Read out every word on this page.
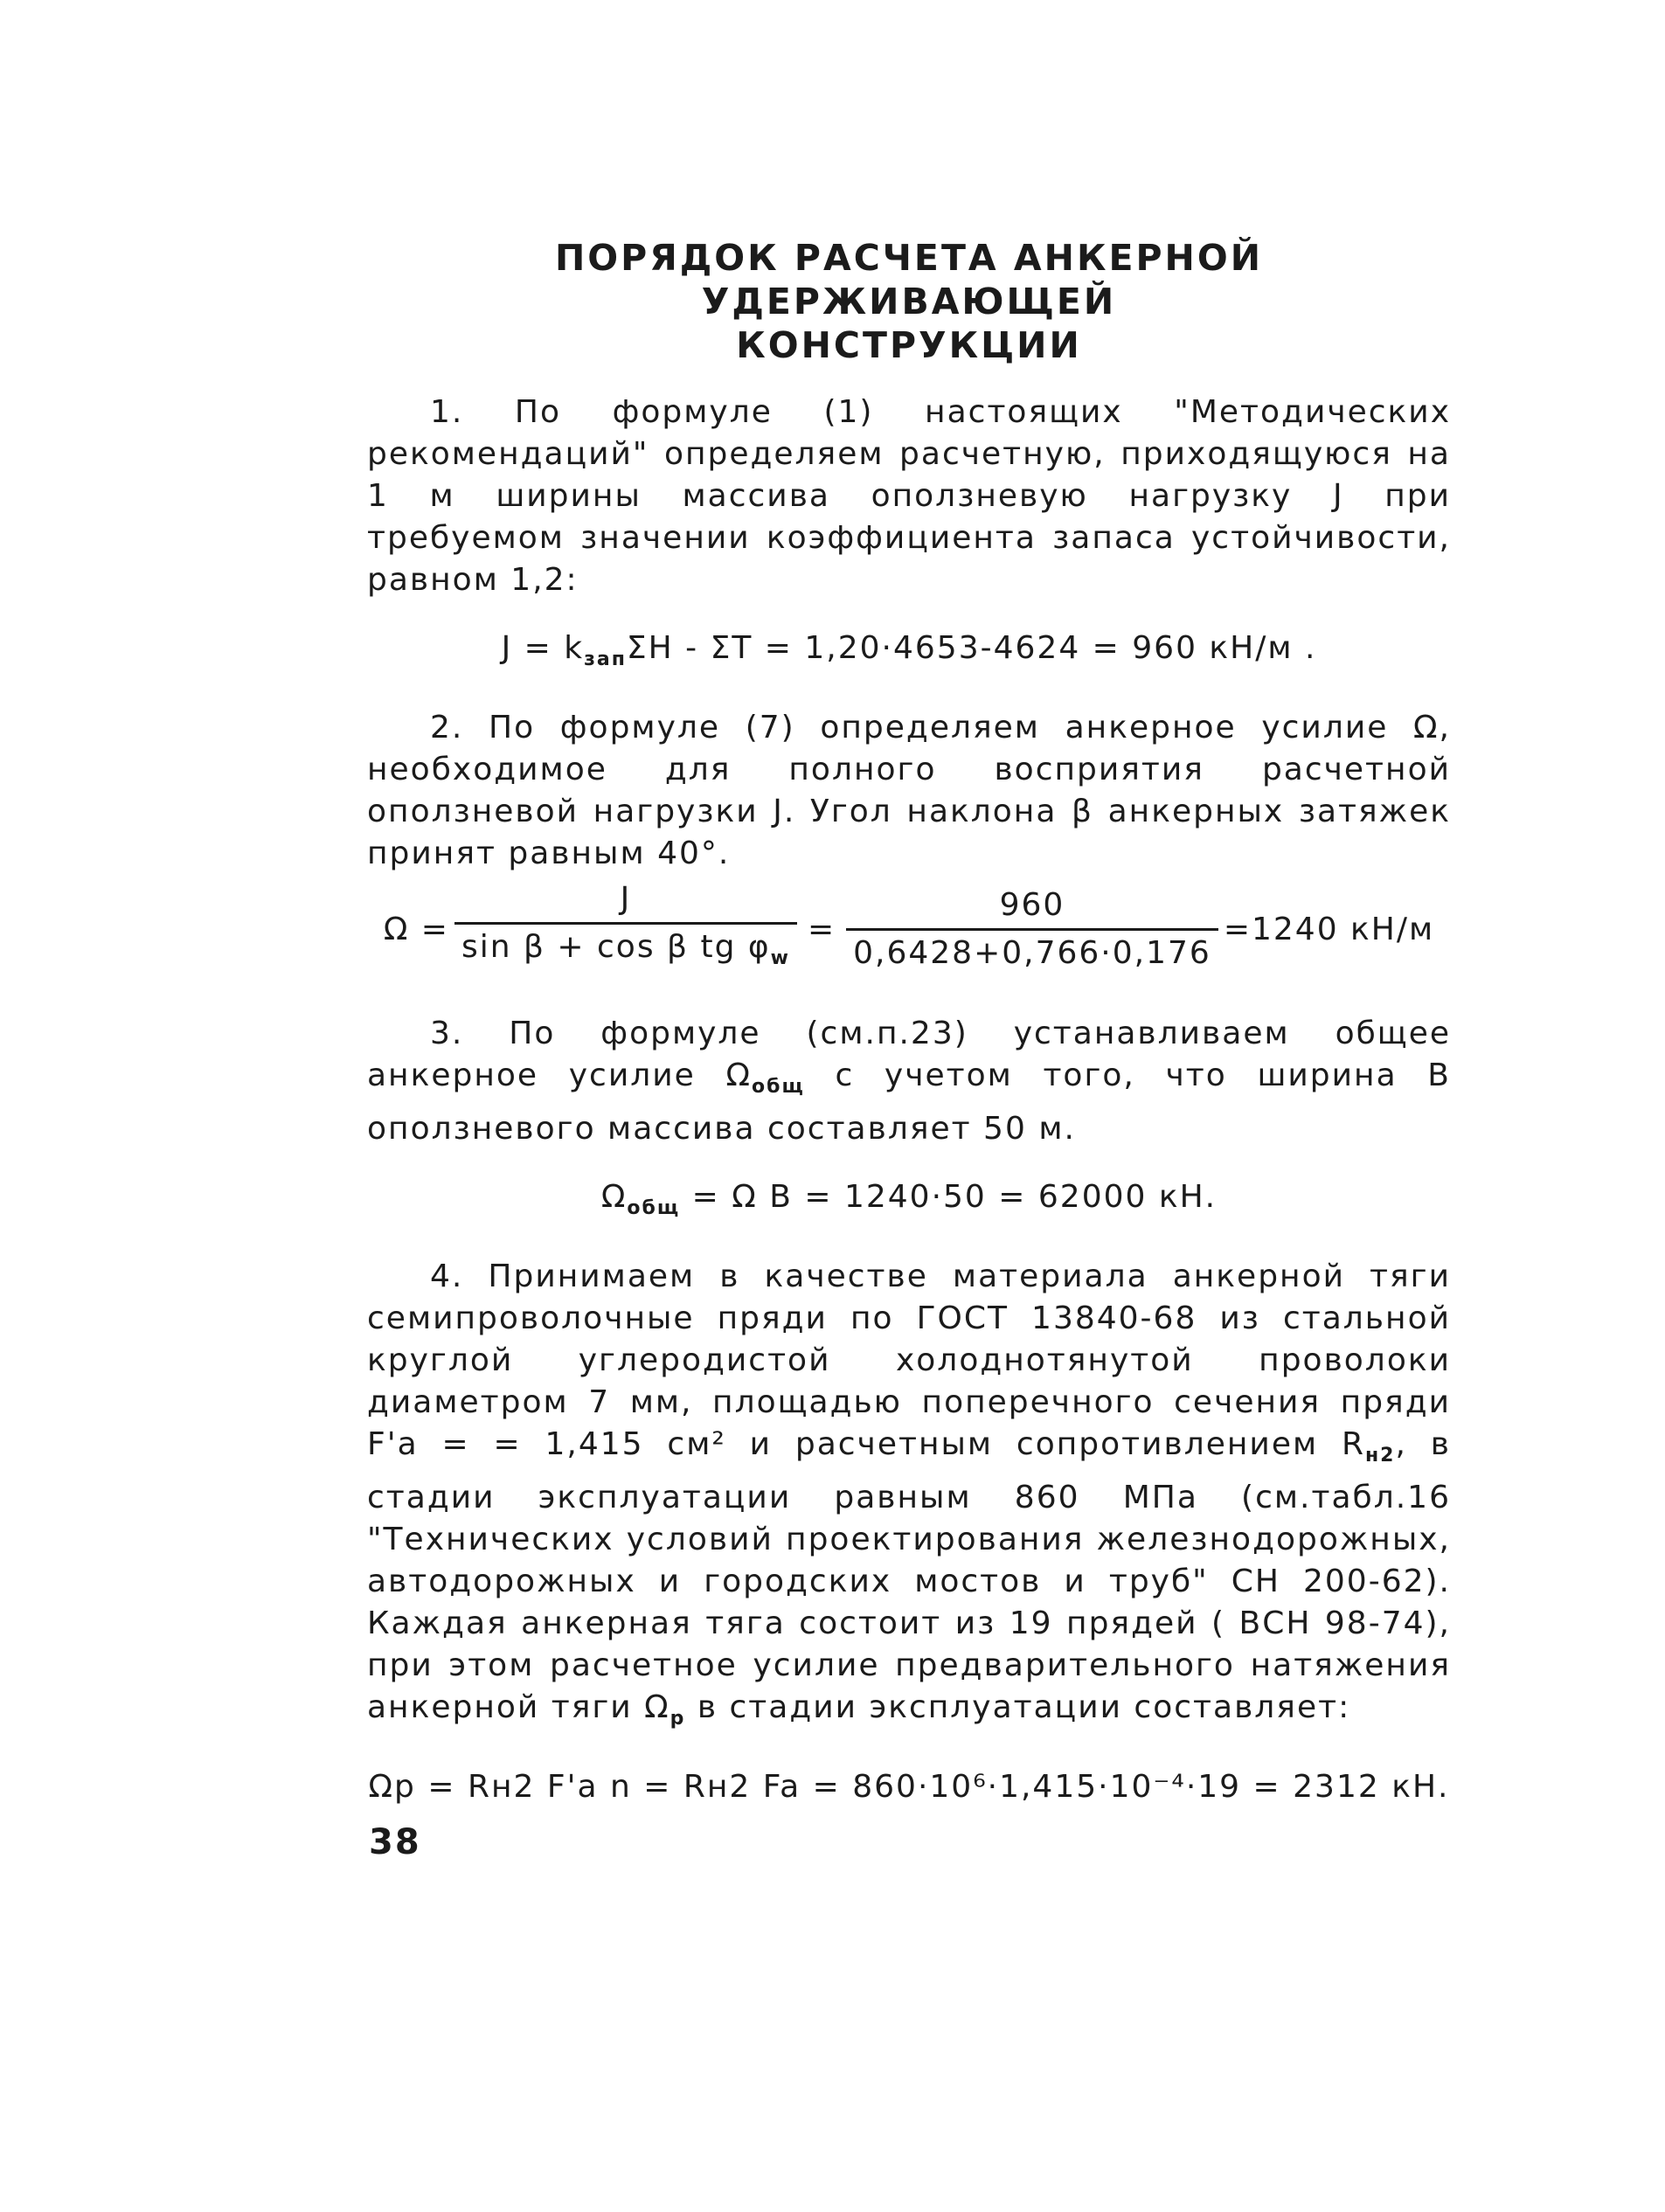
ПОРЯДОК РАСЧЕТА АНКЕРНОЙ УДЕРЖИВАЮЩЕЙ
КОНСТРУКЦИИ

1. По формуле (1) настоящих "Методических рекомендаций" определяем расчетную, приходящуюся на 1 м ширины массива оползневую нагрузку J при требуемом значении коэффициента запаса устойчивости, равном 1,2:

$J = k_{зап}\Sigma H - \Sigma T = 1,20\cdot 4653-4624 = 960$ кН/м .

2. По формуле (7) определяем анкерное усилие Ω, необходимое для полного восприятия расчетной оползневой нагрузки J. Угол наклона β анкерных затяжек принят равным 40°.

$\Omega = \frac{J}{\sin \beta + \cos \beta tg \varphi_w} = \frac{960}{0,6428+0,766\cdot 0,176} =1240$ кН/м

3. По формуле (см.п.23) устанавливаем общее анкерное усилие $\Omega_{общ}$ с учетом того, что ширина B оползневого массива составляет 50 м.

$\Omega_{общ} = \Omega$ B = 1240·50 = 62000 кН.

4. Принимаем в качестве материала анкерной тяги семипроволочные пряди по ГОСТ 13840-68 из стальной круглой углеродистой холоднотянутой проволоки диаметром 7 мм, площадью поперечного сечения пряди F'a = = 1,415 см² и расчетным сопротивлением $R_{н2}$, в стадии эксплуатации равным 860 МПа (см.табл.16 "Технических условий проектирования железнодорожных, автодорожных и городских мостов и труб" СН 200-62). Каждая анкерная тяга состоит из 19 прядей ( ВСН 98-74), при этом расчетное усилие предварительного натяжения анкерной тяги $\Omega_р$ в стадии эксплуатации составляет:

Ωр = Rн2 F'a n = Rн2 Fa = 860·10⁶·1,415·10⁻⁴·19 = 2312 кН.
38
